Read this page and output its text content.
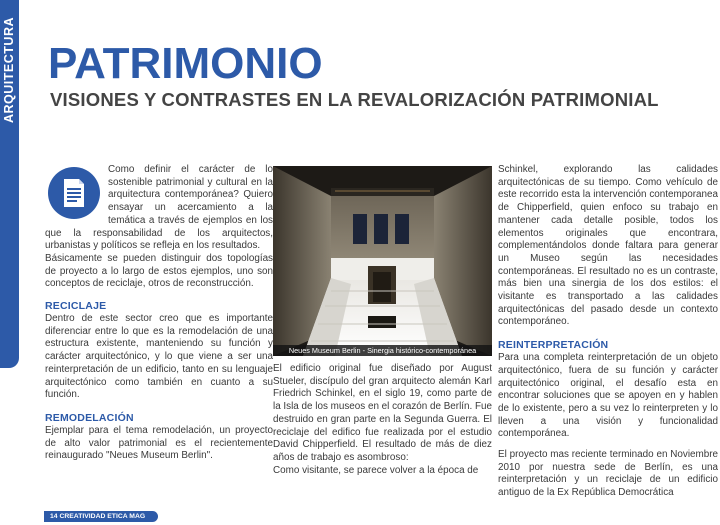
ARQUITECTURA PATRIMONIO
VISIONES Y CONTRASTES EN LA REVALORIZACIÓN PATRIMONIAL

Como definir el carácter de lo sostenible patrimonial y cultural en la arquitectura contemporánea? Quiero ensayar un acercamiento a la temática a través de ejemplos en los que la responsabilidad de los arquitectos, urbanistas y políticos se refleja en los resultados.

Básicamente se pueden distinguir dos topologías de proyecto a lo largo de estos ejemplos, uno son conceptos de reciclaje, otros de reconstrucción.

RECICLAJE

Dentro de este sector creo que es importante diferenciar entre lo que es la remodelación de una estructura existente, manteniendo su función y carácter arquitectónico, y lo que viene a ser una reinterpretación de un edificio, tanto en su lenguaje arquitectónico como también en cuanto a su función.

REMODELACIÓN

Ejemplar para el tema remodelación, un proyecto de alto valor patrimonial es el recientemente reinaugurado "Neues Museum Berlin".

Neues Museum Berlin - Sinergia histórico-contemporánea

El edificio original fue diseñado por August Stueler, discípulo del gran arquitecto alemán Karl Friedrich Schinkel, en el siglo 19, como parte de la Isla de los museos en el corazón de Berlín. Fue destruido en gran parte en la Segunda Guerra. El reciclaje del edifico fue realizada por el estudio David Chipperfield. El resultado de más de diez años de trabajo es asombroso:

Como visitante, se parece volver a la época de

Schinkel, explorando las calidades arquitectónicas de su tiempo. Como vehículo de este recorrido esta la intervención contemporanea de Chipperfield, quien enfoco su trabajo en mantener cada detalle posible, todos los elementos originales que encontrara, complementándolos donde faltara para generar un Museo según las necesidades contemporáneas. El resultado no es un contraste, más bien una sinergia de los dos estilos: el visitante es transportado a las calidades arquitectónicas del pasado desde un contexto contemporáneo.

REINTERPRETACIÓN

Para una completa reinterpretación de un objeto arquitectónico, fuera de su función y carácter arquitectónico original, el desafío esta en encontrar soluciones que se apoyen en y hablen de lo existente, pero a su vez lo reinterpreten y lo lleven a una visión y funcionalidad contemporánea.

El proyecto mas reciente terminado en Noviembre 2010 por nuestra sede de Berlín, es una reinterpretación y un reciclaje de un edificio antiguo de la Ex República Democrática

14 CREATIVIDAD ETICA MAG
